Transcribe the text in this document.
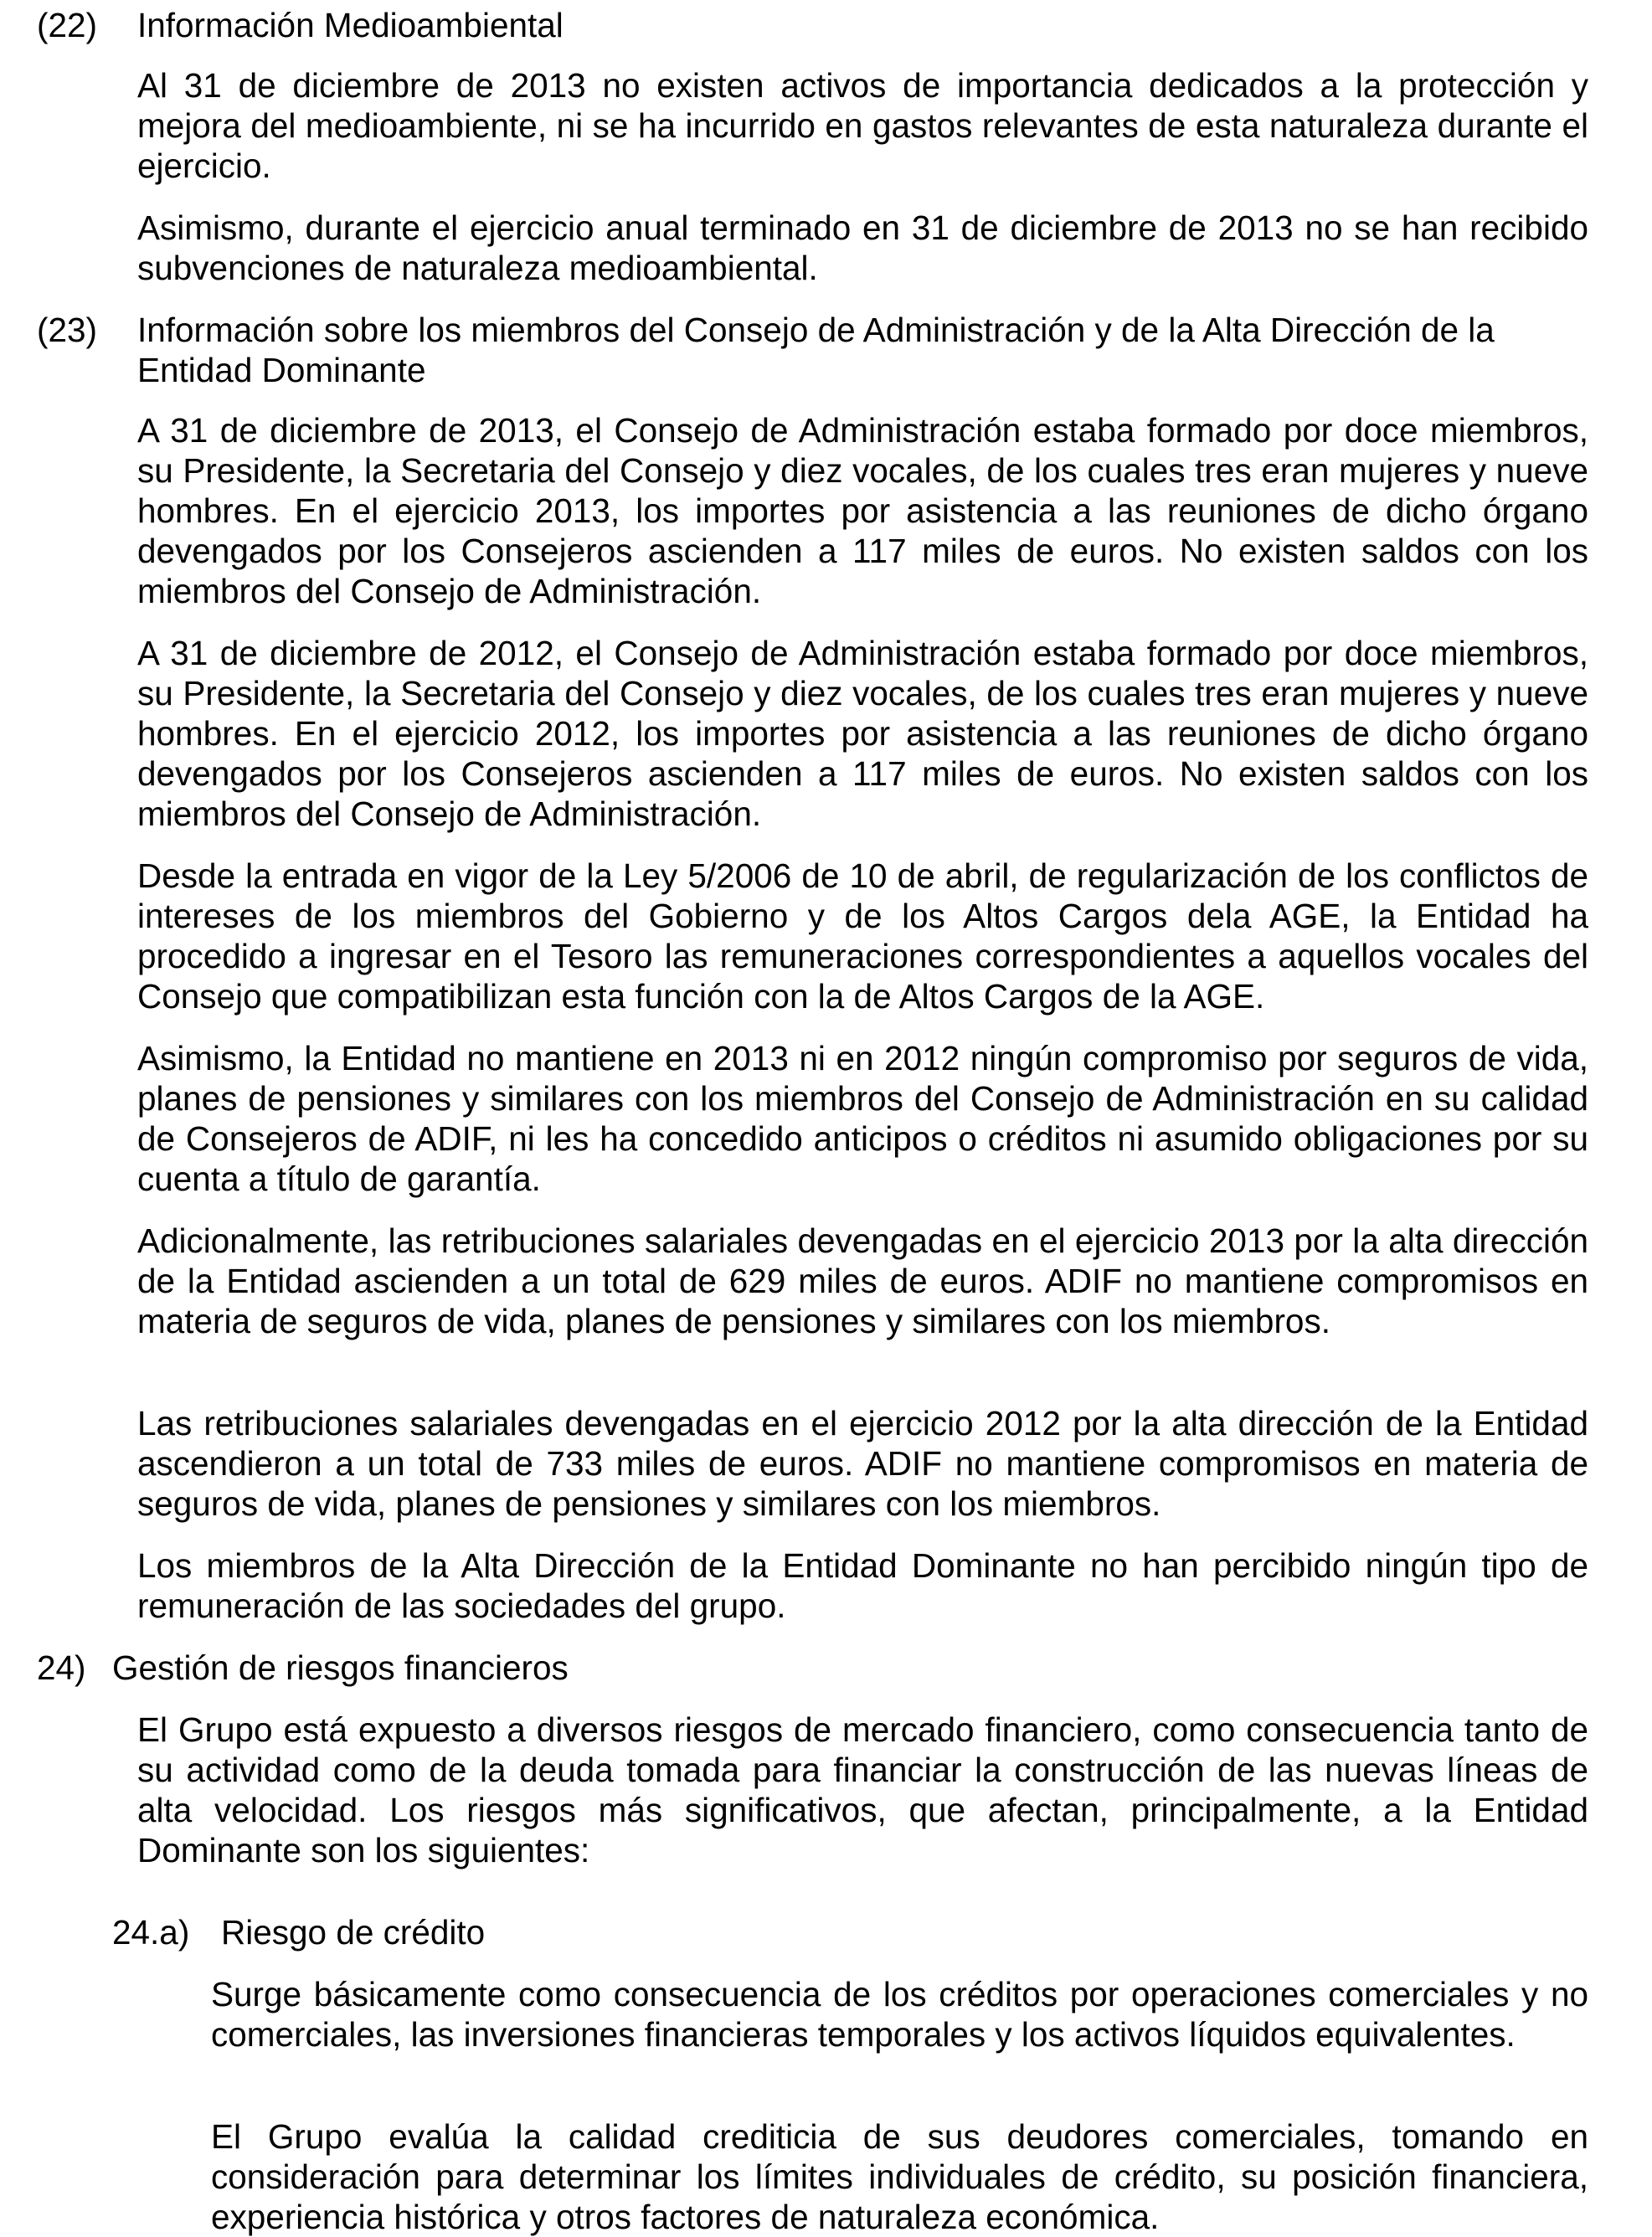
(22) Información Medioambiental

Al 31 de diciembre de 2013 no existen activos de importancia dedicados a la protección y mejora del medioambiente, ni se ha incurrido en gastos relevantes de esta naturaleza durante el ejercicio.

Asimismo, durante el ejercicio anual terminado en 31 de diciembre de 2013 no se han recibido subvenciones de naturaleza medioambiental.

(23) Información sobre los miembros del Consejo de Administración y de la Alta Dirección de la Entidad Dominante

A 31 de diciembre de 2013, el Consejo de Administración estaba formado por doce miembros, su Presidente, la Secretaria del Consejo y diez vocales, de los cuales tres eran mujeres y nueve hombres. En el ejercicio 2013, los importes por asistencia a las reuniones de dicho órgano devengados por los Consejeros ascienden a 117 miles de euros. No existen saldos con los miembros del Consejo de Administración.

A 31 de diciembre de 2012, el Consejo de Administración estaba formado por doce miembros, su Presidente, la Secretaria del Consejo y diez vocales, de los cuales tres eran mujeres y nueve hombres. En el ejercicio 2012, los importes por asistencia a las reuniones de dicho órgano devengados por los Consejeros ascienden a 117 miles de euros. No existen saldos con los miembros del Consejo de Administración.

Desde la entrada en vigor de la Ley 5/2006 de 10 de abril, de regularización de los conflictos de intereses de los miembros del Gobierno y de los Altos Cargos dela AGE, la Entidad ha procedido a ingresar en el Tesoro las remuneraciones correspondientes a aquellos vocales del Consejo que compatibilizan esta función con la de Altos Cargos de la AGE.

Asimismo, la Entidad no mantiene en 2013 ni en 2012 ningún compromiso por seguros de vida, planes de pensiones y similares con los miembros del Consejo de Administración en su calidad de Consejeros de ADIF, ni les ha concedido anticipos o créditos ni asumido obligaciones por su cuenta a título de garantía.

Adicionalmente, las retribuciones salariales devengadas en el ejercicio 2013 por la alta dirección de la Entidad ascienden a un total de 629 miles de euros. ADIF no mantiene compromisos en materia de seguros de vida, planes de pensiones y similares con los miembros.

Las retribuciones salariales devengadas en el ejercicio 2012 por la alta dirección de la Entidad ascendieron a un total de 733 miles de euros. ADIF no mantiene compromisos en materia de seguros de vida, planes de pensiones y similares con los miembros.

Los miembros de la Alta Dirección de la Entidad Dominante no han percibido ningún tipo de remuneración de las sociedades del grupo.

24) Gestión de riesgos financieros

El Grupo está expuesto a diversos riesgos de mercado financiero, como consecuencia tanto de su actividad como de la deuda tomada para financiar la construcción de las nuevas líneas de alta velocidad. Los riesgos más significativos, que afectan, principalmente, a la Entidad Dominante son los siguientes:

24.a) Riesgo de crédito

Surge básicamente como consecuencia de los créditos por operaciones comerciales y no comerciales, las inversiones financieras temporales y los activos líquidos equivalentes.

El Grupo evalúa la calidad crediticia de sus deudores comerciales, tomando en consideración para determinar los límites individuales de crédito, su posición financiera, experiencia histórica y otros factores de naturaleza económica.
